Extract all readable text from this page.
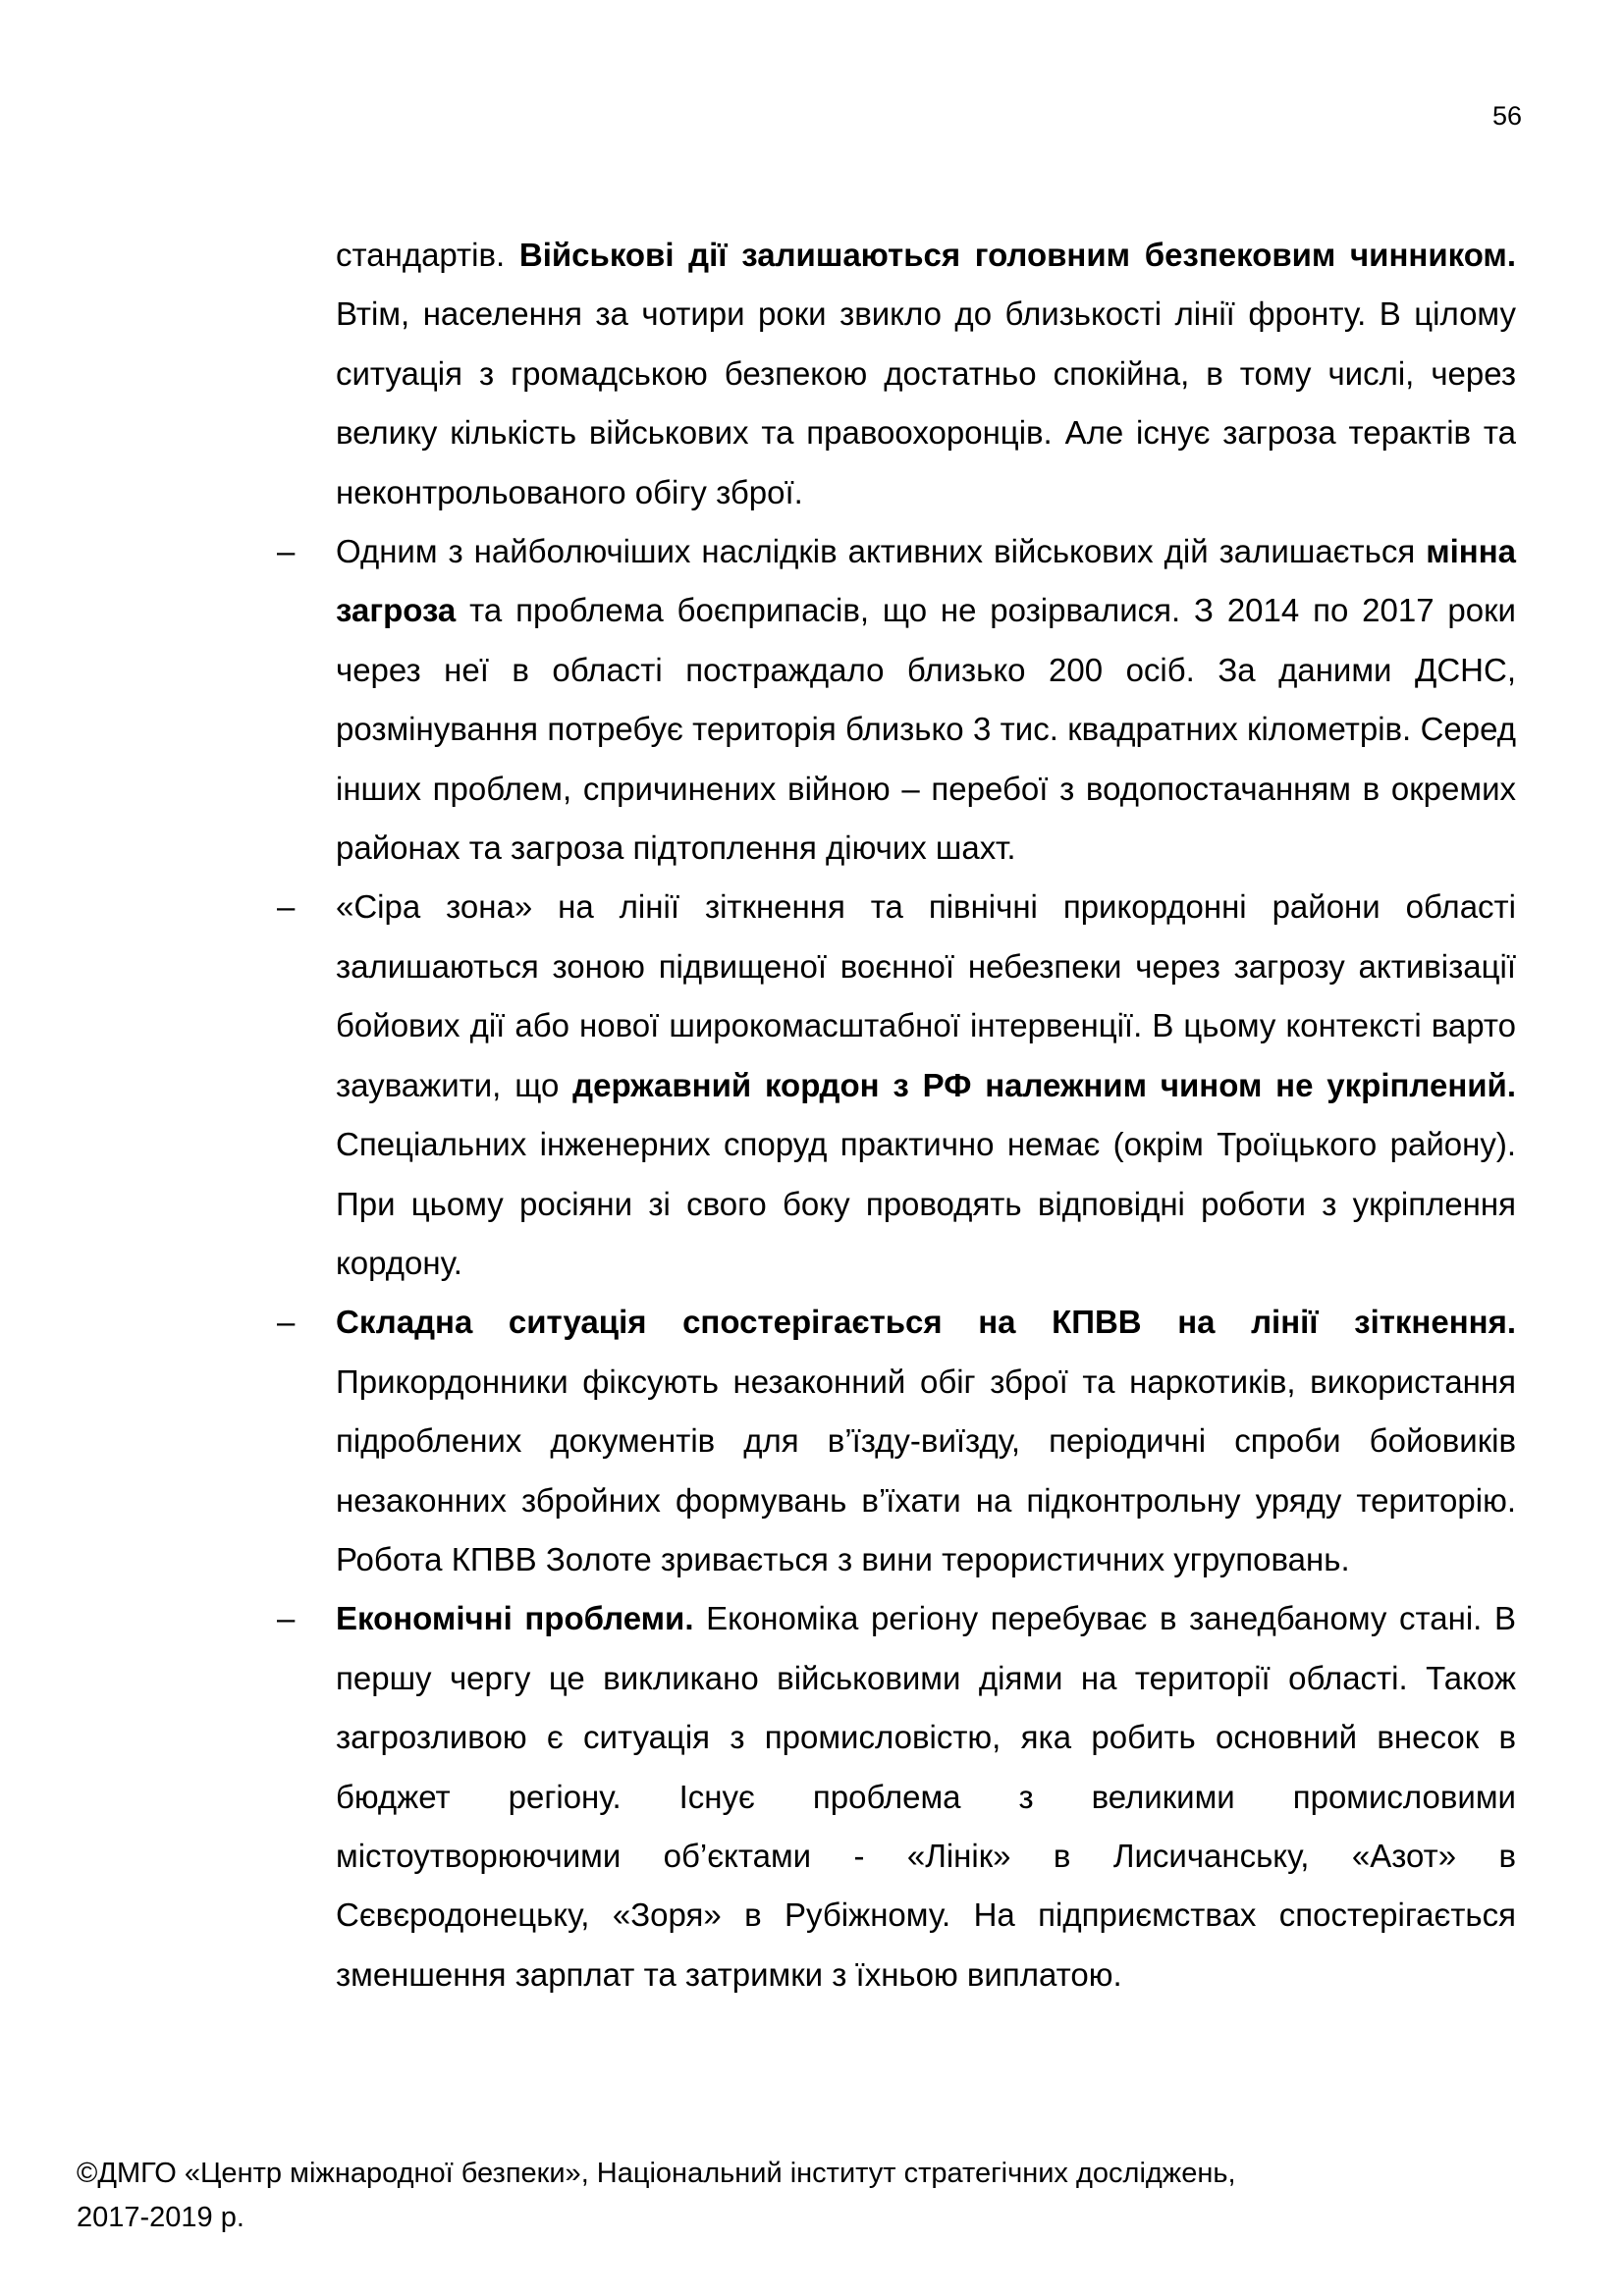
56

стандартів. Військові дії залишаються головним безпековим чинником. Втім, населення за чотири роки звикло до близькості лінії фронту. В цілому ситуація з громадською безпекою достатньо спокійна, в тому числі, через велику кількість військових та правоохоронців. Але існує загроза терактів та неконтрольованого обігу зброї.

–	Одним з найболючіших наслідків активних військових дій залишається мінна загроза та проблема боєприпасів, що не розірвалися. З 2014 по 2017 роки через неї в області постраждало близько 200 осіб. За даними ДСНС, розмінування потребує територія близько 3 тис. квадратних кілометрів. Серед інших проблем, спричинених війною – перебої з водопостачанням в окремих районах та загроза підтоплення діючих шахт.

–	«Сіра зона» на лінії зіткнення та північні прикордонні райони області залишаються зоною підвищеної воєнної небезпеки через загрозу активізації бойових дії або нової широкомасштабної інтервенції. В цьому контексті варто зауважити, що державний кордон з РФ належним чином не укріплений. Спеціальних інженерних споруд практично немає (окрім Троїцького району). При цьому росіяни зі свого боку проводять відповідні роботи з укріплення кордону.

–	Складна ситуація спостерігається на КПВВ на лінії зіткнення. Прикордонники фіксують незаконний обіг зброї та наркотиків, використання підроблених документів для в’їзду-виїзду, періодичні спроби бойовиків незаконних збройних формувань в’їхати на підконтрольну уряду територію. Робота КПВВ Золоте зривається з вини терористичних угруповань.

–	Економічні проблеми. Економіка регіону перебуває в занедбаному стані. В першу чергу це викликано військовими діями на території області. Також загрозливою є ситуація з промисловістю, яка робить основний внесок в бюджет регіону. Існує проблема з великими промисловими містоутворюючими об’єктами - «Лінік» в Лисичанську, «Азот» в Сєвєродонецьку, «Зоря» в Рубіжному. На підприємствах спостерігається зменшення зарплат та затримки з їхньою виплатою.

©ДМГО «Центр міжнародної безпеки», Національний інститут стратегічних досліджень,
2017-2019 р.
